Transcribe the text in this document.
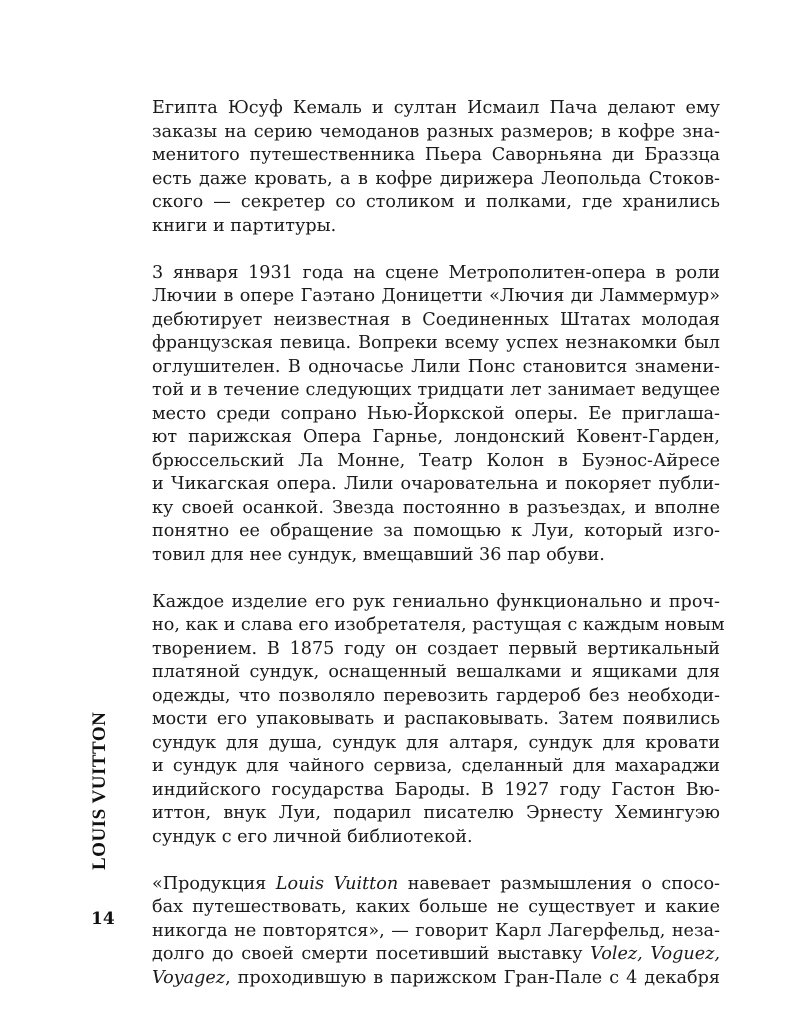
Египта Юсуф Кемаль и султан Исмаил Пача делают ему
заказы на серию чемоданов разных размеров; в кофре зна-
менитого путешественника Пьера Саворньяна ди Браззца
есть даже кровать, а в кофре дирижера Леопольда Стоков-
ского — секретер со столиком и полками, где хранились
книги и партитуры.
3 января 1931 года на сцене Метрополитен-опера в роли
Лючии в опере Гаэтано Доницетти «Лючия ди Ламмермур»
дебютирует неизвестная в Соединенных Штатах молодая
французская певица. Вопреки всему успех незнакомки был
оглушителен. В одночасье Лили Понс становится знамени-
той и в течение следующих тридцати лет занимает ведущее
место среди сопрано Нью-Йоркской оперы. Ее приглаша-
ют парижская Опера Гарнье, лондонский Ковент-Гарден,
брюссельский Ла Монне, Театр Колон в Буэнос-Айресе
и Чикагская опера. Лили очаровательна и покоряет публи-
ку своей осанкой. Звезда постоянно в разъездах, и вполне
понятно ее обращение за помощью к Луи, который изго-
товил для нее сундук, вмещавший 36 пар обуви.
Каждое изделие его рук гениально функционально и проч-
но, как и слава его изобретателя, растущая с каждым новым
творением. В 1875 году он создает первый вертикальный
платяной сундук, оснащенный вешалками и ящиками для
одежды, что позволяло перевозить гардероб без необходи-
мости его упаковывать и распаковывать. Затем появились
сундук для душа, сундук для алтаря, сундук для кровати
и сундук для чайного сервиза, сделанный для махараджи
индийского государства Бароды. В 1927 году Гастон Вю-
иттон, внук Луи, подарил писателю Эрнесту Хемингуэю
сундук с его личной библиотекой.
«Продукция Louis Vuitton навевает размышления о спосо-
бах путешествовать, каких больше не существует и какие
никогда не повторятся», — говорит Карл Лагерфельд, неза-
долго до своей смерти посетивший выставку Volez, Voguez,
Voyagez, проходившую в парижском Гран-Пале с 4 декабря
LOUIS VUITTON
14
